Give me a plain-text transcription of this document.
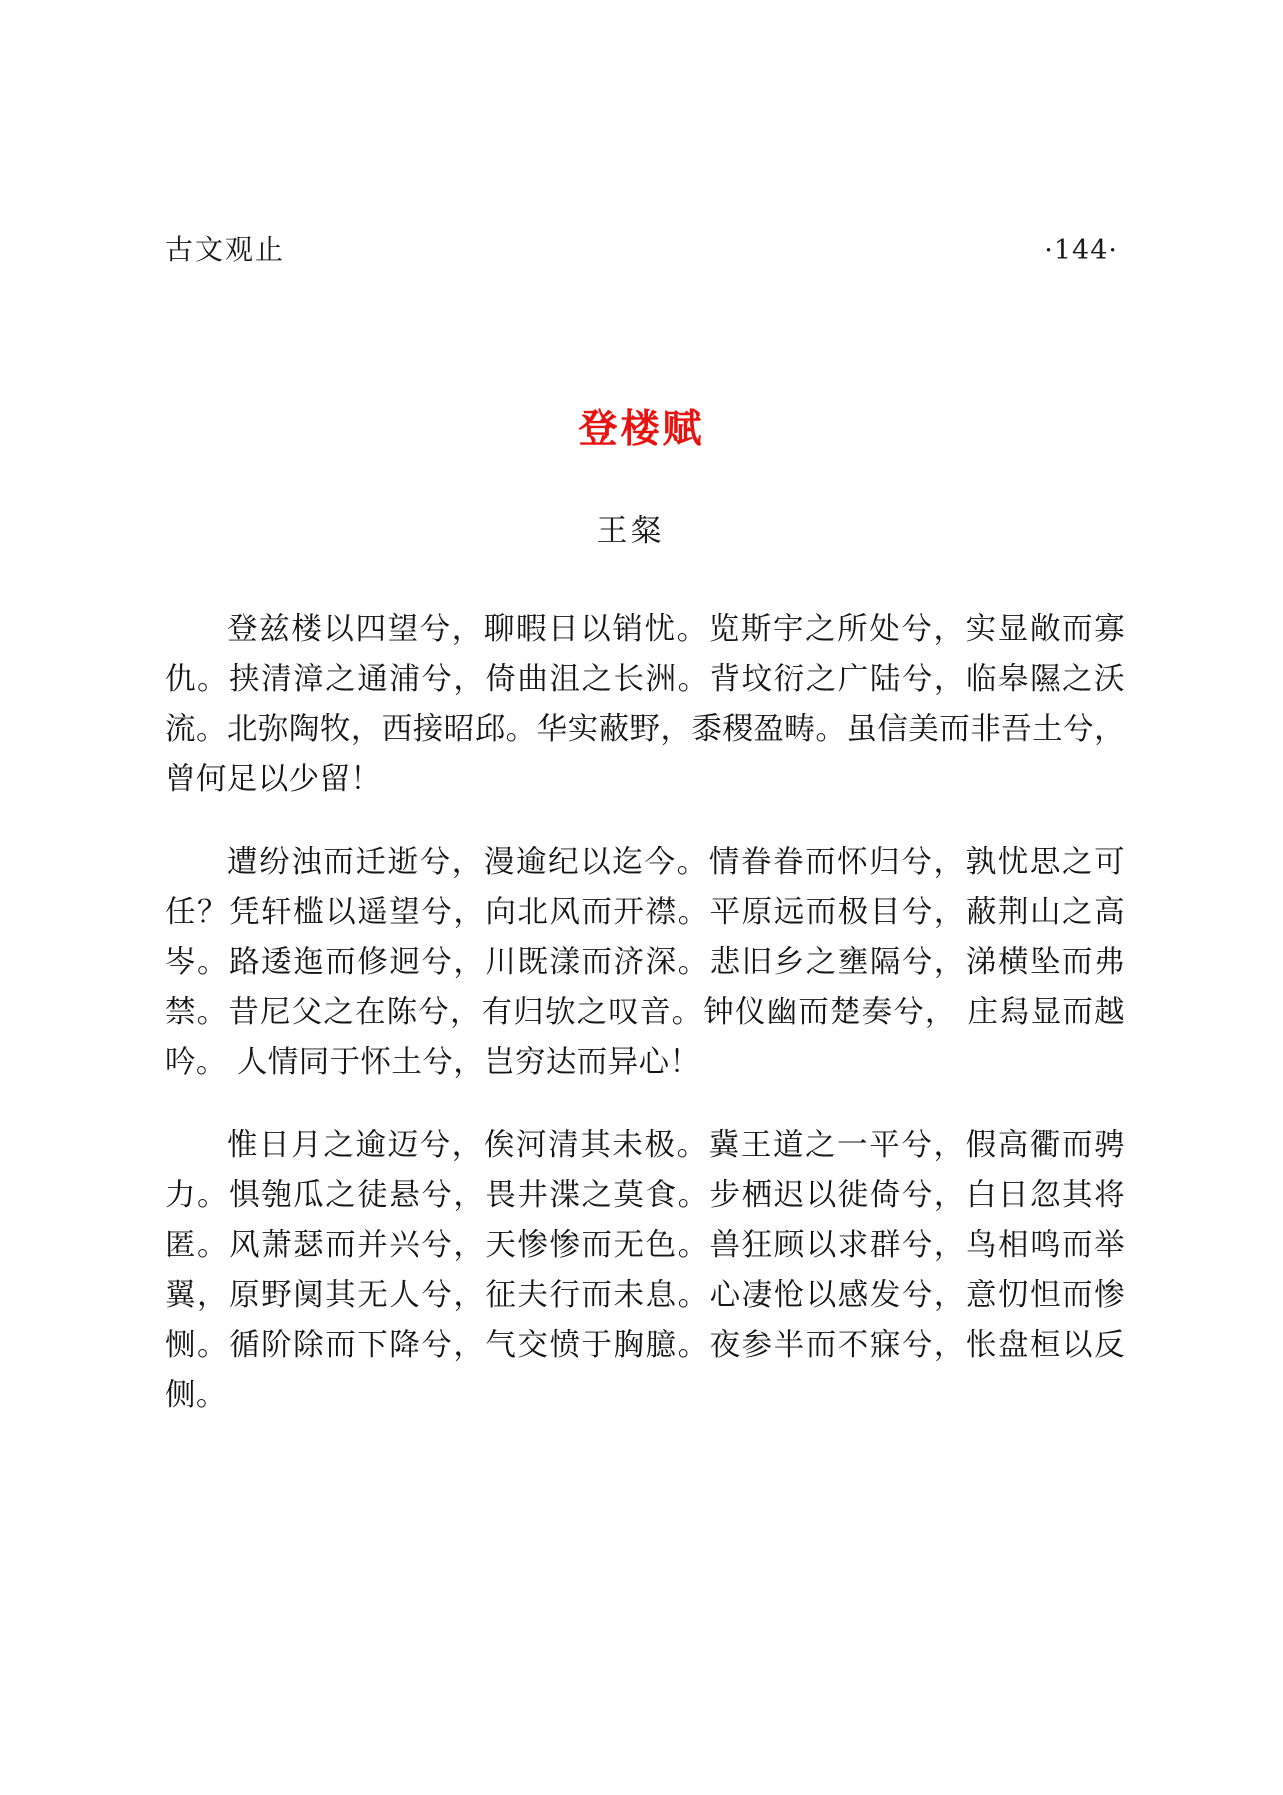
古文观止	·144·
登楼赋
王粲

登兹楼以四望兮，聊暇日以销忧。览斯宇之所处兮，实显敞而寡仇。挟清漳之通浦兮，倚曲沮之长洲。背坟衍之广陆兮，临皋隰之沃流。北弥陶牧，西接昭邱。华实蔽野，黍稷盈畴。虽信美而非吾土兮，曾何足以少留！

遭纷浊而迁逝兮，漫逾纪以迄今。情眷眷而怀归兮，孰忧思之可任？凭轩槛以遥望兮，向北风而开襟。平原远而极目兮，蔽荆山之高岑。路逶迤而修迥兮，川既漾而济深。悲旧乡之壅隔兮，涕横坠而弗禁。昔尼父之在陈兮，有归欤之叹音。钟仪幽而楚奏兮， 庄舄显而越吟。 人情同于怀土兮，岂穷达而异心！

惟日月之逾迈兮，俟河清其未极。冀王道之一平兮，假高衢而骋力。惧匏瓜之徒悬兮，畏井渫之莫食。步栖迟以徙倚兮，白日忽其将匿。风萧瑟而并兴兮，天惨惨而无色。兽狂顾以求群兮，鸟相鸣而举翼，原野阒其无人兮，征夫行而未息。心凄怆以感发兮，意忉怛而惨恻。循阶除而下降兮，气交愤于胸臆。夜参半而不寐兮，怅盘桓以反侧。
